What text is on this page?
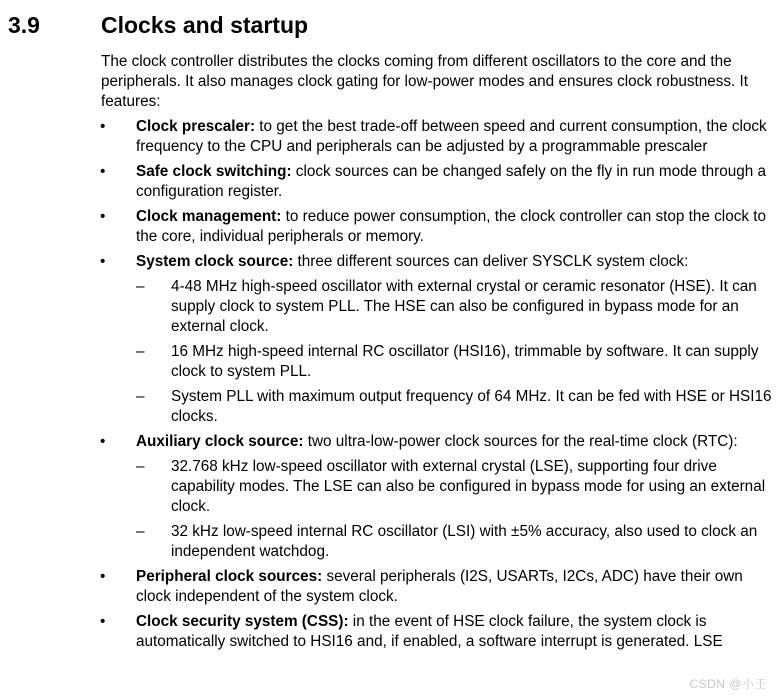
3.9	Clocks and startup

The clock controller distributes the clocks coming from different oscillators to the core and the peripherals. It also manages clock gating for low-power modes and ensures clock robustness. It features:

• Clock prescaler: to get the best trade-off between speed and current consumption, the clock frequency to the CPU and peripherals can be adjusted by a programmable prescaler
• Safe clock switching: clock sources can be changed safely on the fly in run mode through a configuration register.
• Clock management: to reduce power consumption, the clock controller can stop the clock to the core, individual peripherals or memory.
• System clock source: three different sources can deliver SYSCLK system clock:
– 4-48 MHz high-speed oscillator with external crystal or ceramic resonator (HSE). It can supply clock to system PLL. The HSE can also be configured in bypass mode for an external clock.
– 16 MHz high-speed internal RC oscillator (HSI16), trimmable by software. It can supply clock to system PLL.
– System PLL with maximum output frequency of 64 MHz. It can be fed with HSE or HSI16 clocks.
• Auxiliary clock source: two ultra-low-power clock sources for the real-time clock (RTC):
– 32.768 kHz low-speed oscillator with external crystal (LSE), supporting four drive capability modes. The LSE can also be configured in bypass mode for using an external clock.
– 32 kHz low-speed internal RC oscillator (LSI) with ±5% accuracy, also used to clock an independent watchdog.
• Peripheral clock sources: several peripherals (I2S, USARTs, I2Cs, ADC) have their own clock independent of the system clock.
• Clock security system (CSS): in the event of HSE clock failure, the system clock is automatically switched to HSI16 and, if enabled, a software interrupt is generated. LSE
CSDN @小王
